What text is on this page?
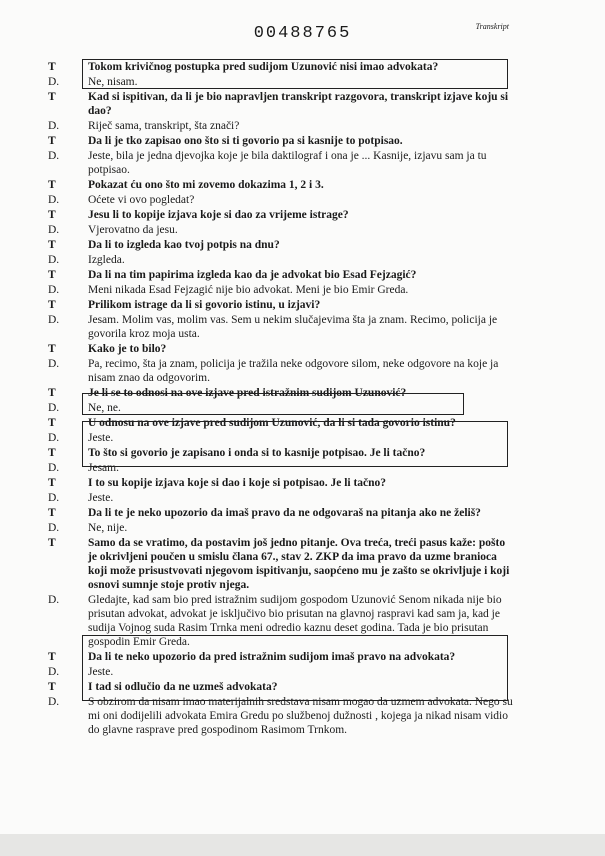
00488765	Transkript
T	Tokom krivičnog postupka pred sudijom Uzunović nisi imao advokata?
D.	Ne, nisam.
T	Kad si ispitivan, da li je bio napravljen transkript razgovora, transkript izjave koju si dao?
D.	Riječ sama, transkript, šta znači?
T	Da li je tko zapisao ono što si ti govorio pa si kasnije to potpisao.
D.	Jeste, bila je jedna djevojka koje je bila daktilograf i ona je ... Kasnije, izjavu sam ja tu potpisao.
T	Pokazat ću ono što mi zovemo dokazima 1, 2 i 3.
D.	Oćete vi ovo pogledat?
T	Jesu li to kopije izjava koje si dao za vrijeme istrage?
D.	Vjerovatno da jesu.
T	Da li to izgleda kao tvoj potpis na dnu?
D.	Izgleda.
T	Da li na tim papirima izgleda kao da je advokat bio Esad Fejzagić?
D.	Meni nikada Esad Fejzagić nije bio advokat. Meni je bio Emir Greda.
T	Prilikom istrage da li si govorio istinu, u izjavi?
D.	Jesam. Molim vas, molim vas. Sem u nekim slučajevima šta ja znam. Recimo, policija je govorila kroz moja usta.
T	Kako je to bilo?
D.	Pa, recimo, šta ja znam, policija je tražila neke odgovore silom, neke odgovore na koje ja nisam znao da odgovorim.
T	Je li se to odnosi na ove izjave pred istražnim sudijom Uzunović?
D.	Ne, ne.
T	U odnosu na ove izjave pred sudijom Uzunović, da li si tada govorio istinu?
D.	Jeste.
T	To što si govorio je zapisano i onda si to kasnije potpisao. Je li tačno?
D.	Jesam.
T	I to su kopije izjava koje si dao i koje si potpisao. Je li tačno?
D.	Jeste.
T	Da li te je neko upozorio da imaš pravo da ne odgovaraš na pitanja ako ne želiš?
D.	Ne, nije.
T	Samo da se vratimo, da postavim još jedno pitanje. Ova treća, treći pasus kaže: pošto je okrivljeni poučen u smislu člana 67., stav 2. ZKP da ima pravo da uzme branioca koji može prisustvovati njegovom ispitivanju, saopćeno mu je zašto se okrivljuje i koji osnovi sumnje stoje protiv njega.
D.	Gledajte, kad sam bio pred istražnim sudijom gospodom Uzunović Senom nikada nije bio prisutan advokat, advokat je isključivo bio prisutan na glavnoj raspravi kad sam ja, kad je sudija Vojnog suda Rasim Trnka meni odredio kaznu deset godina. Tada je bio prisutan gospodin Emir Greda.
T	Da li te neko upozorio da pred istražnim sudijom imaš pravo na advokata?
D.	Jeste.
T	I tad si odlučio da ne uzmeš advokata?
D.	S obzirom da nisam imao materijalnih sredstava nisam mogao da uzmem advokata. Nego su mi oni dodijelili advokata Emira Gredu po službenoj dužnosti , kojega ja nikad nisam vidio do glavne rasprave pred gospodinom Rasimom Trnkom.
